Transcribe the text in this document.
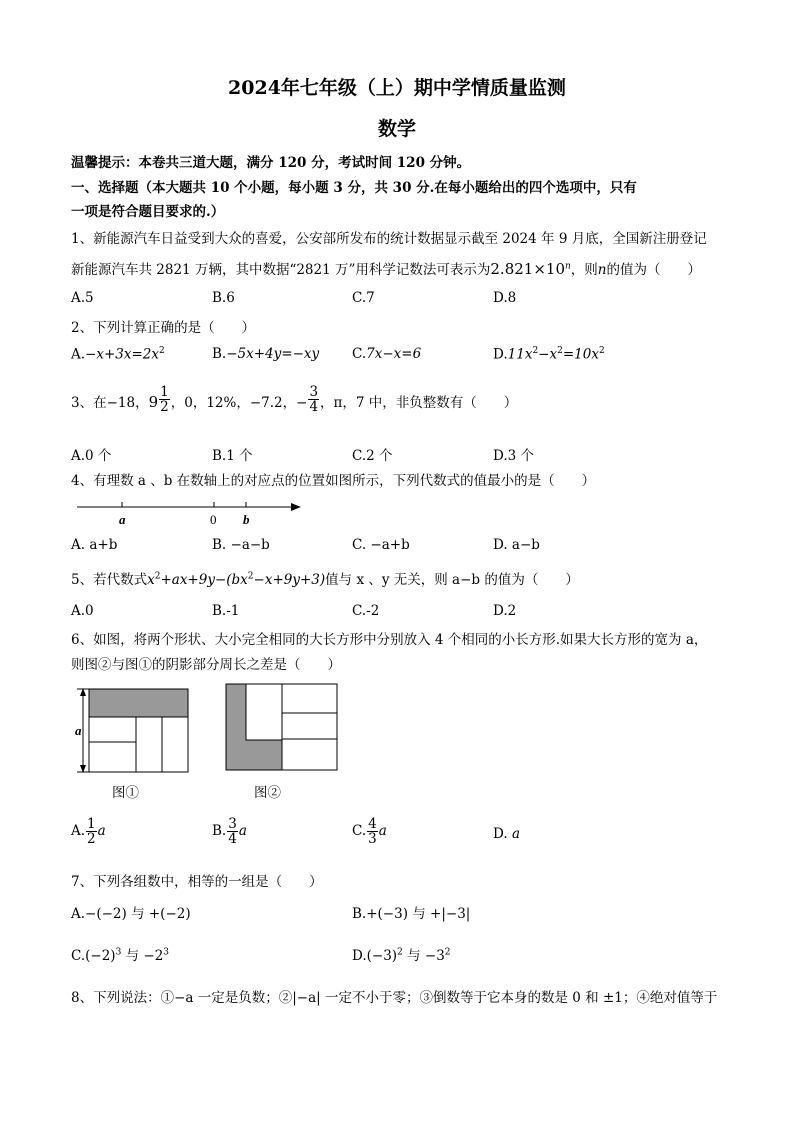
2024年七年级（上）期中学情质量监测
数学
温馨提示：本卷共三道大题，满分 120 分，考试时间 120 分钟。
一、选择题（本大题共 10 个小题，每小题 3 分，共 30 分.在每小题给出的四个选项中，只有
一项是符合题目要求的.）
1、新能源汽车日益受到大众的喜爱，公安部所发布的统计数据显示截至 2024 年 9 月底，全国新注册登记
新能源汽车共 2821 万辆，其中数据“2821 万”用科学记数法可表示为$2.821\times 10^n$，则n的值为（　　）
A.5	B.6	C.7	D.8
2、下列计算正确的是（　　）
$A.-x+3x=2x^2$	B.−5x+4y=−xy C.7x−x=6	$D.11x^2-x^2=10x^2$
3、在−18，$9 \frac{1}{2}$ ，0，12%，−7.2，− $\frac{3}{4}$ ，π，7 中，非负整数有（　　）
A.0 个	B.1 个	C.2 个	D.3 个
4、有理数 a 、b 在数轴上的对应点的位置如图所示，下列代数式的值最小的是（　　）
a	0 b
A. a+b	B. −a−b	C. −a+b	D. a−b
5、若代数式$x^2+ax+9y-(bx^2-x+9y+3)$值与 x 、y 无关，则 a−b 的值为（　　）
A.0	B.-1	C.-2	D.2
6、如图，将两个形状、大小完全相同的大长方形中分别放入 4 个相同的小长方形.如果大长方形的宽为 a，
则图②与图①的阴影部分周长之差是（　　）
a
图①	图②
A. $\frac{1}{2}$ a	B. $\frac{3}{4}$ a	C. $\frac{4}{3}$ a	D. a
7、下列各组数中，相等的一组是（　　）
A.−(−2) 与 +(−2)	B.+(−3) 与 +|−3|
$C.(-2)^3$ 与 $-2^3$	$D.(-3)^2$ 与 $-3^2$
8、下列说法：①−a 一定是负数；②|−a| 一定不小于零；③倒数等于它本身的数是 0 和 ±1；④绝对值等于
